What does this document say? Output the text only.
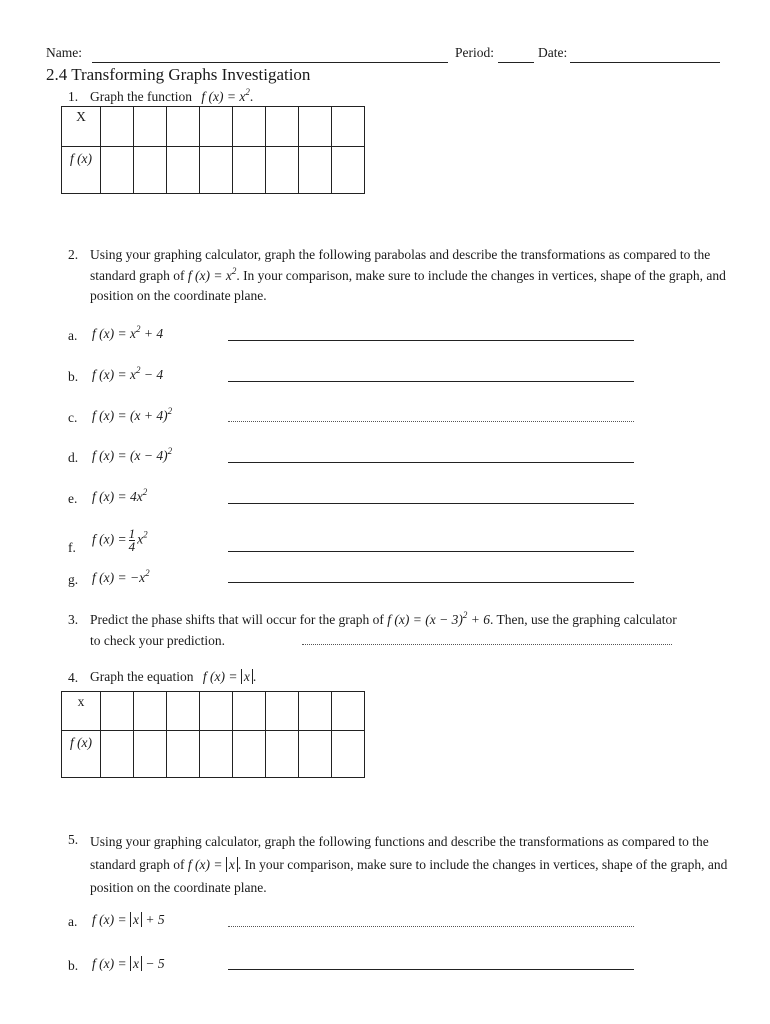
Name:	Period:	Date:
2.4 Transforming Graphs Investigation
1. Graph the function f $(x) = x^2$.
X								
f (x)								
2. Using your graphing calculator, graph the following parabolas and describe the transformations as compared to the standard graph of f $(x) = x^2$. In your comparison, make sure to include the changes in vertices, shape of the graph, and position on the coordinate plane.
a. f $(x) = x^2 + 4$
b. f $(x) = x^2 - 4$
c. f $(x) = (x + 4)^2$
d. f $(x) = (x - 4)^2$
e. f $(x) = 4x^2$
f.
f $(x) = \frac{1}{4} x^2$
g. f $(x) = -x^2$
3. Predict the phase shifts that will occur for the graph of f $(x) = (x - 3)^2 + 6$. Then, use the graphing calculator to check your prediction.
4. Graph the equation f (x) = x .
x								
f (x)								
5. Using your graphing calculator, graph the following functions and describe the transformations as compared to the standard graph of f (x) = x . In your comparison, make sure to include the changes in vertices, shape of the graph, and position on the coordinate plane.
a. f (x) = x + 5
b. f (x) = x − 5
